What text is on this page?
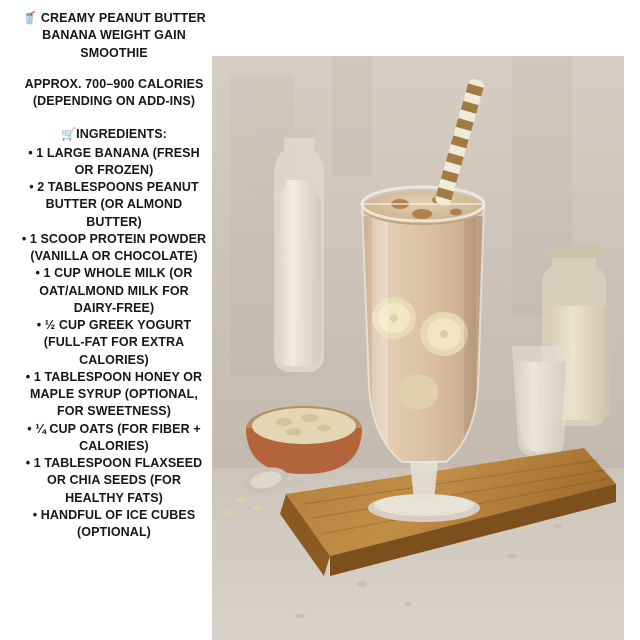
🥤 CREAMY PEANUT BUTTER BANANA WEIGHT GAIN SMOOTHIE
APPROX. 700–900 CALORIES (DEPENDING ON ADD-INS)
🛒INGREDIENTS:
• 1 LARGE BANANA (FRESH OR FROZEN)
• 2 TABLESPOONS PEANUT BUTTER (OR ALMOND BUTTER)
• 1 SCOOP PROTEIN POWDER (VANILLA OR CHOCOLATE)
• 1 CUP WHOLE MILK (OR OAT/ALMOND MILK FOR DAIRY-FREE)
• ½ CUP GREEK YOGURT (FULL-FAT FOR EXTRA CALORIES)
• 1 TABLESPOON HONEY OR MAPLE SYRUP (OPTIONAL, FOR SWEETNESS)
• ¼ CUP OATS (FOR FIBER + CALORIES)
• 1 TABLESPOON FLAXSEED OR CHIA SEEDS (FOR HEALTHY FATS)
• HANDFUL OF ICE CUBES (OPTIONAL)
